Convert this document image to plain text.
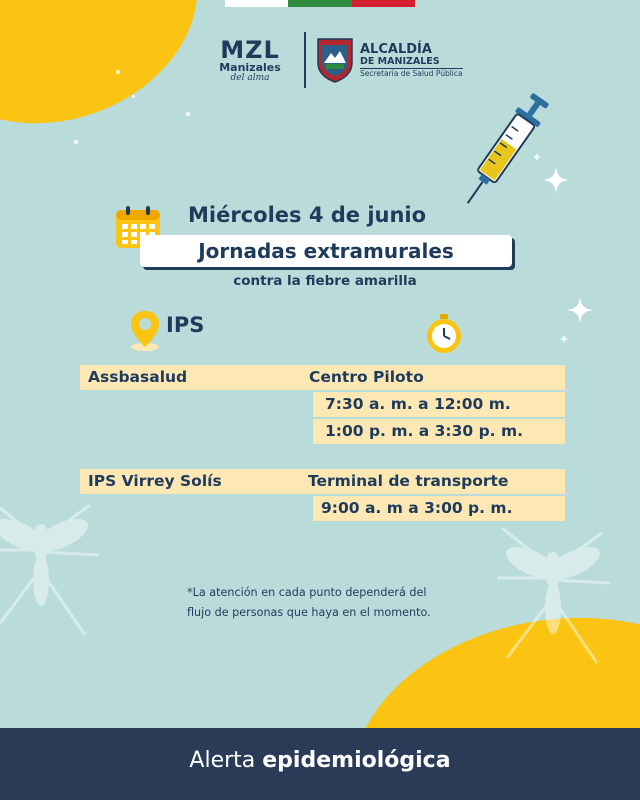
MZL
Manizales
del alma
ALCALDÍA
DE MANIZALES
Secretaría de Salud Pública
Miércoles 4 de junio
Jornadas extramurales
contra la fiebre amarilla
IPS
Assbasalud	Centro Piloto
7:30 a. m. a 12:00 m.
1:00 p. m. a 3:30 p. m.
IPS Virrey Solís	Terminal de transporte
9:00 a. m a 3:00 p. m.
*La atención en cada punto dependerá del
flujo de personas que haya en el momento.
Alerta epidemiológica
